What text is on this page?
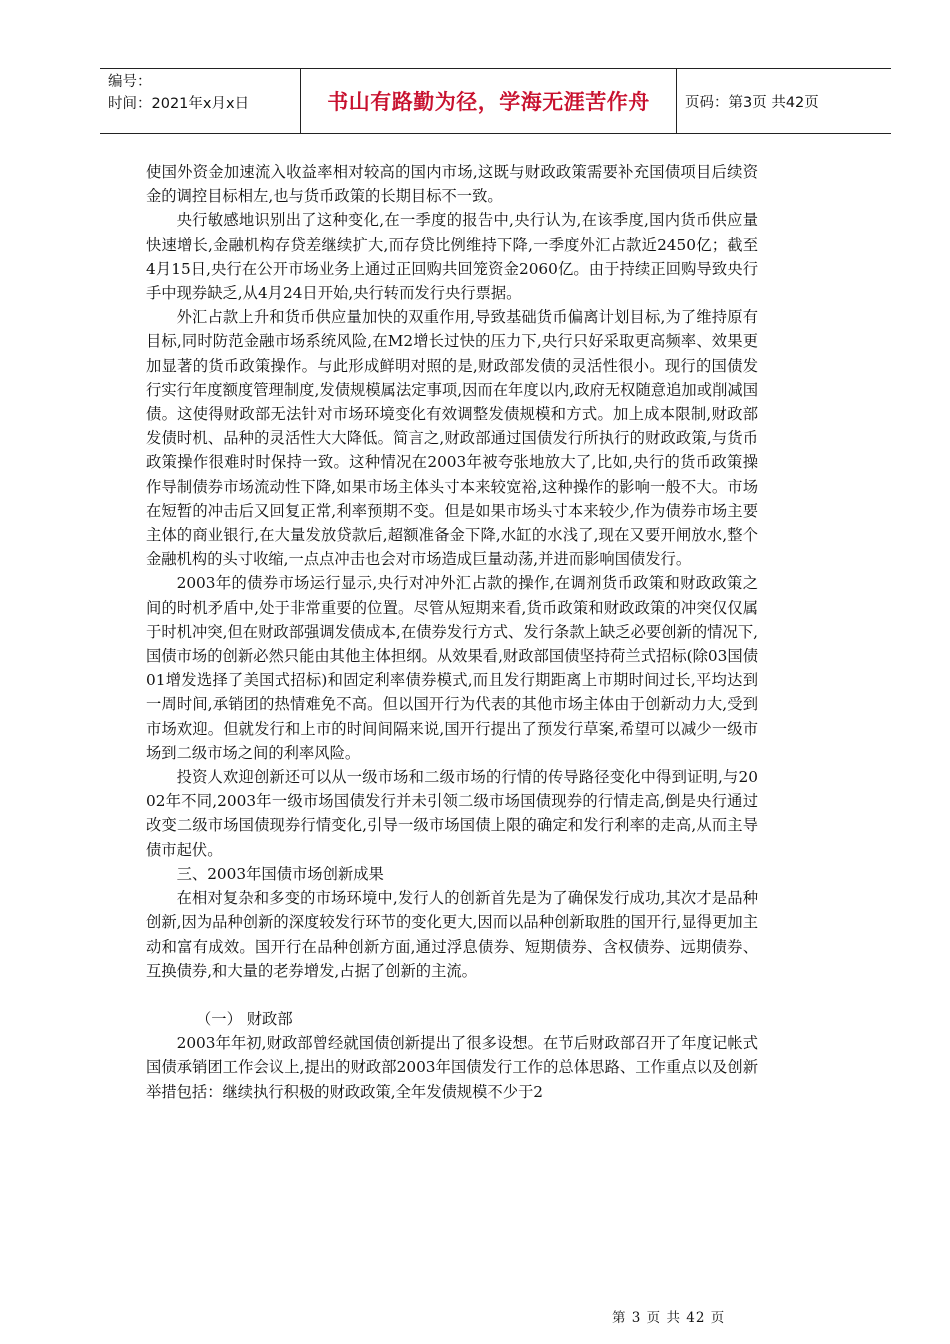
编号：
时间：2021年x月x日	书山有路勤为径，学海无涯苦作舟	页码：第3页 共42页

使国外资金加速流入收益率相对较高的国内市场,这既与财政政策需要补充国债项目后续资金的调控目标相左,也与货币政策的长期目标不一致。

央行敏感地识别出了这种变化,在一季度的报告中,央行认为,在该季度,国内货币供应量快速增长,金融机构存贷差继续扩大,而存贷比例维持下降,一季度外汇占款近2450亿；截至4月15日,央行在公开市场业务上通过正回购共回笼资金2060亿。由于持续正回购导致央行手中现券缺乏,从4月24日开始,央行转而发行央行票据。

外汇占款上升和货币供应量加快的双重作用,导致基础货币偏离计划目标,为了维持原有目标,同时防范金融市场系统风险,在M2增长过快的压力下,央行只好采取更高频率、效果更加显著的货币政策操作。与此形成鲜明对照的是,财政部发债的灵活性很小。现行的国债发行实行年度额度管理制度,发债规模属法定事项,因而在年度以内,政府无权随意追加或削减国债。这使得财政部无法针对市场环境变化有效调整发债规模和方式。加上成本限制,财政部发债时机、品种的灵活性大大降低。简言之,财政部通过国债发行所执行的财政政策,与货币政策操作很难时时保持一致。这种情况在2003年被夸张地放大了,比如,央行的货币政策操作导制债券市场流动性下降,如果市场主体头寸本来较宽裕,这种操作的影响一般不大。市场在短暂的冲击后又回复正常,利率预期不变。但是如果市场头寸本来较少,作为债券市场主要主体的商业银行,在大量发放贷款后,超额准备金下降,水缸的水浅了,现在又要开闸放水,整个金融机构的头寸收缩,一点点冲击也会对市场造成巨量动荡,并进而影响国债发行。

2003年的债券市场运行显示,央行对冲外汇占款的操作,在调剂货币政策和财政政策之间的时机矛盾中,处于非常重要的位置。尽管从短期来看,货币政策和财政政策的冲突仅仅属于时机冲突,但在财政部强调发债成本,在债券发行方式、发行条款上缺乏必要创新的情况下,国债市场的创新必然只能由其他主体担纲。从效果看,财政部国债坚持荷兰式招标(除03国债01增发选择了美国式招标)和固定利率债券模式,而且发行期距离上市期时间过长,平均达到一周时间,承销团的热情难免不高。但以国开行为代表的其他市场主体由于创新动力大,受到市场欢迎。但就发行和上市的时间间隔来说,国开行提出了预发行草案,希望可以减少一级市场到二级市场之间的利率风险。

投资人欢迎创新还可以从一级市场和二级市场的行情的传导路径变化中得到证明,与2002年不同,2003年一级市场国债发行并未引领二级市场国债现券的行情走高,倒是央行通过改变二级市场国债现券行情变化,引导一级市场国债上限的确定和发行利率的走高,从而主导债市起伏。

三、2003年国债市场创新成果

在相对复杂和多变的市场环境中,发行人的创新首先是为了确保发行成功,其次才是品种创新,因为品种创新的深度较发行环节的变化更大,因而以品种创新取胜的国开行,显得更加主动和富有成效。国开行在品种创新方面,通过浮息债券、短期债券、含权债券、远期债券、互换债券,和大量的老券增发,占据了创新的主流。

（一） 财政部

2003年年初,财政部曾经就国债创新提出了很多设想。在节后财政部召开了年度记帐式国债承销团工作会议上,提出的财政部2003年国债发行工作的总体思路、工作重点以及创新举措包括：继续执行积极的财政政策,全年发债规模不少于2

第 3 页 共 42 页
